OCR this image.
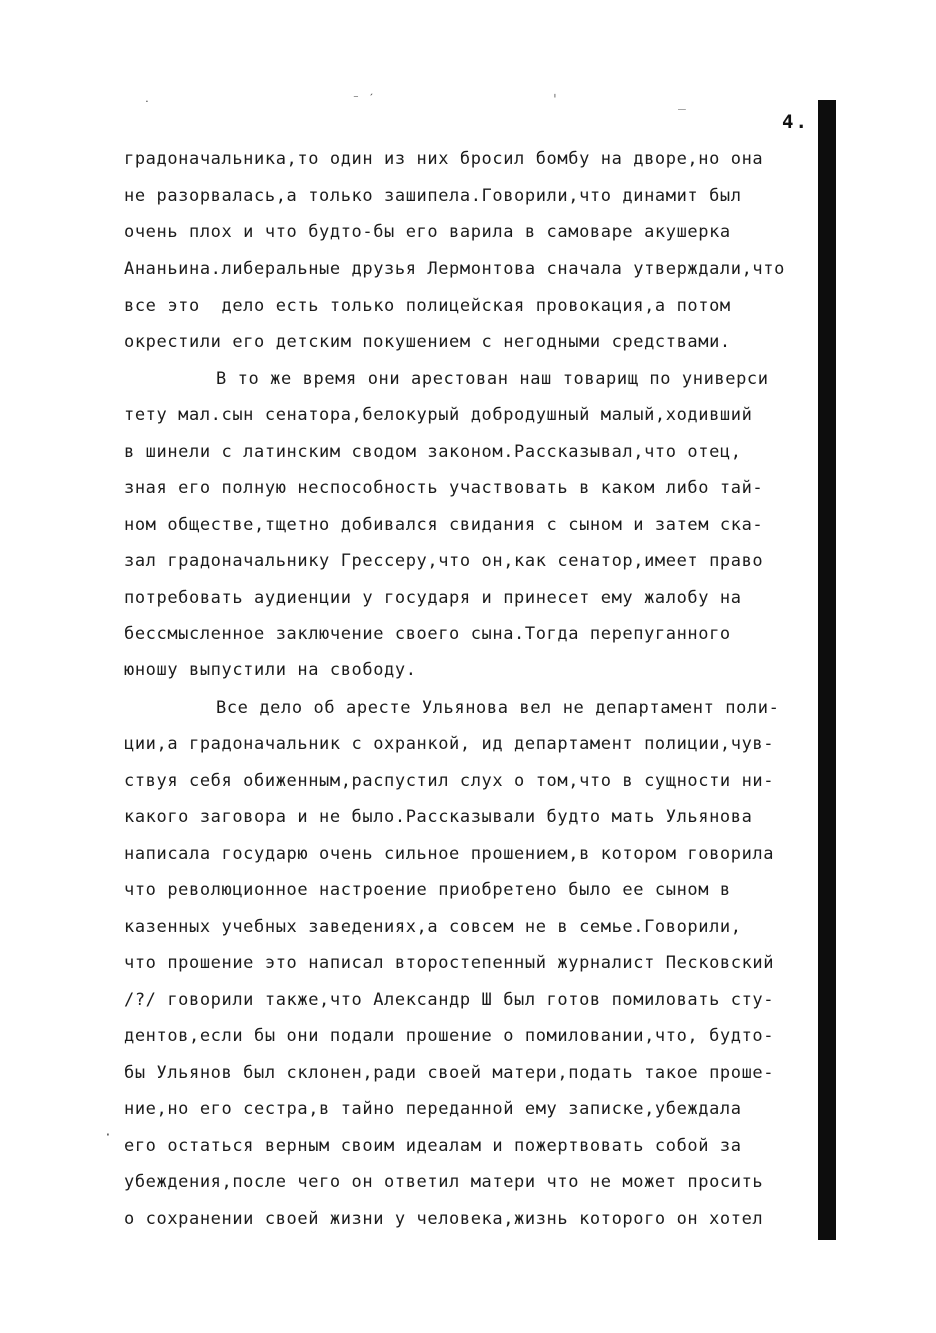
˙
⁻ ˊ	ˈ
‾
·
4.
градоначальника,то один из них бросил бомбу на дворе,но она
не разорвалась,а только зашипела.Говорили,что динамит был
очень плох и что будто-бы его варила в самоваре акушерка
Ананьина.либеральные друзья Лермонтова сначала утверждали,что
все это  дело есть только полицейская провокация,а потом
окрестили его детским покушением с негодными средствами.
В то же время они арестован наш товарищ по универси
тету мал.сын сенатора,белокурый добродушный малый,ходивший
в шинели с латинским сводом законом.Рассказывал,что отец,
зная его полную неспособность участвовать в каком либо тай-
ном обществе,тщетно добивался свидания с сыном и затем ска-
зал градоначальнику Грессеру,что он,как сенатор,имеет право
потребовать аудиенции у государя и принесет ему жалобу на
бессмысленное заключение своего сына.Тогда перепуганного
юношу выпустили на свободу.
Все дело об аресте Ульянова вел не департамент поли-
ции,а градоначальник с охранкой, ид департамент полиции,чув-
ствуя себя обиженным,распустил слух о том,что в сущности ни-
какого заговора и не было.Рассказывали будто мать Ульянова
написала государю очень сильное прошением,в котором говорила
что революционное настроение приобретено было ее сыном в
казенных учебных заведениях,а совсем не в семье.Говорили,
что прошение это написал второстепенный журналист Песковский
/?/ говорили также,что Александр Ш был готов помиловать сту-
дентов,если бы они подали прошение о помиловании,что, будто-
бы Ульянов был склонен,ради своей матери,подать такое проше-
ние,но его сестра,в тайно переданной ему записке,убеждала
его остаться верным своим идеалам и пожертвовать собой за
убеждения,после чего он ответил матери что не может просить
о сохранении своей жизни у человека,жизнь которого он хотел
